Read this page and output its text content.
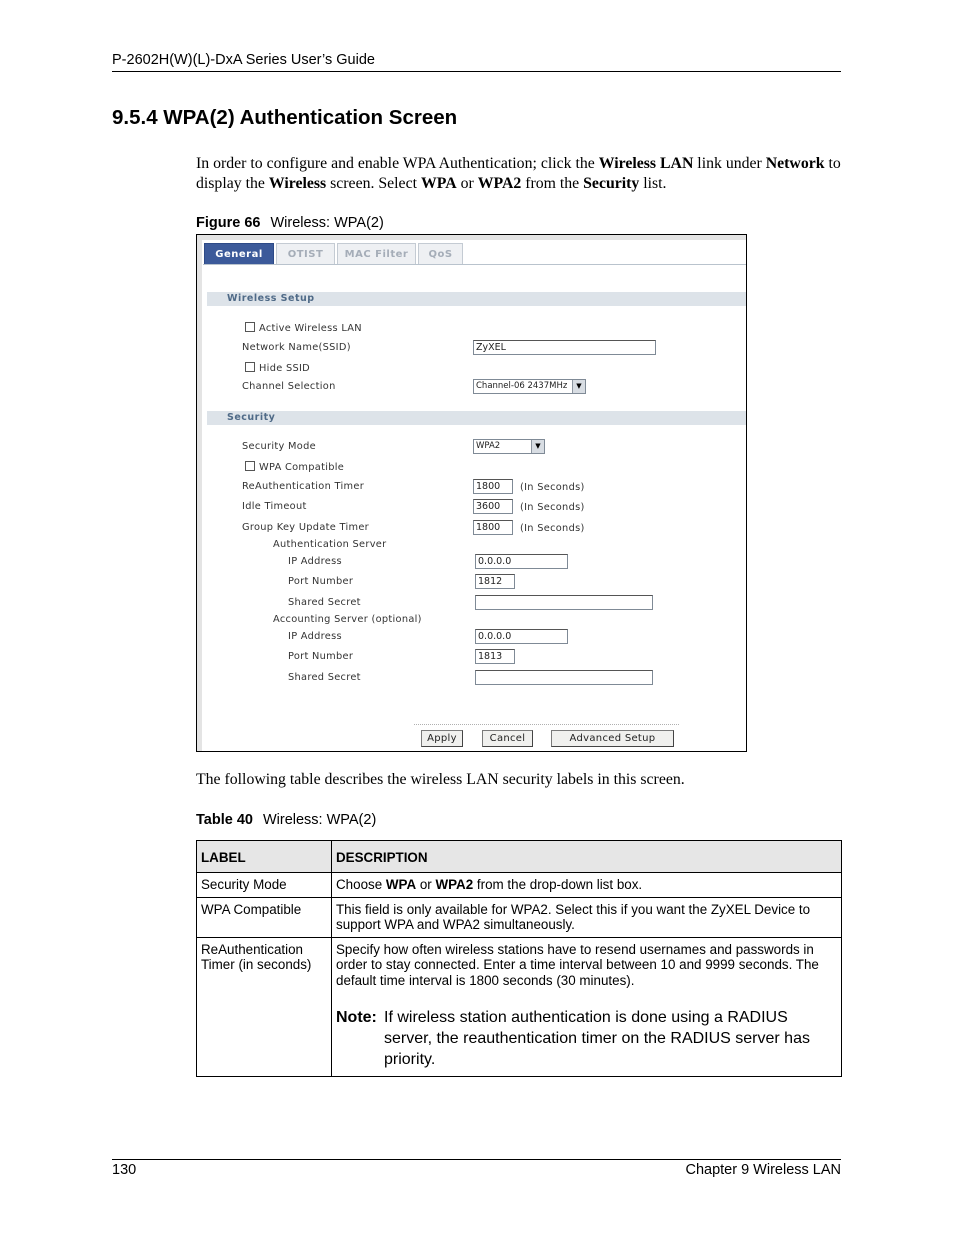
P-2602H(W)(L)-DxA Series User’s Guide
9.5.4 WPA(2) Authentication Screen
In order to configure and enable WPA Authentication; click the Wireless LAN link under Network to display the Wireless screen. Select WPA or WPA2 from the Security list.
Figure 66 Wireless: WPA(2)
General	OTIST	MAC Filter	QoS
Wireless Setup
Active Wireless LAN
Network Name(SSID)	ZyXEL
Hide SSID
Channel Selection	Channel-06 2437MHz	▼
Security
Security Mode	WPA2	▼
WPA Compatible
ReAuthentication Timer	1800	(In Seconds)
Idle Timeout	3600	(In Seconds)
Group Key Update Timer	1800	(In Seconds)
Authentication Server
IP Address	0.0.0.0
Port Number	1812
Shared Secret
Accounting Server (optional)
IP Address	0.0.0.0
Port Number	1813
Shared Secret
Apply	Cancel	Advanced Setup
The following table describes the wireless LAN security labels in this screen.
Table 40 Wireless: WPA(2)
LABEL	DESCRIPTION
Security Mode	Choose WPA or WPA2 from the drop-down list box.
WPA Compatible	This field is only available for WPA2. Select this if you want the ZyXEL Device to support WPA and WPA2 simultaneously.
ReAuthentication Timer (in seconds)	Specify how often wireless stations have to resend usernames and passwords in order to stay connected. Enter a time interval between 10 and 9999 seconds. The default time interval is 1800 seconds (30 minutes).
Note: If wireless station authentication is done using a RADIUS server, the reauthentication timer on the RADIUS server has priority.
130	Chapter 9 Wireless LAN
